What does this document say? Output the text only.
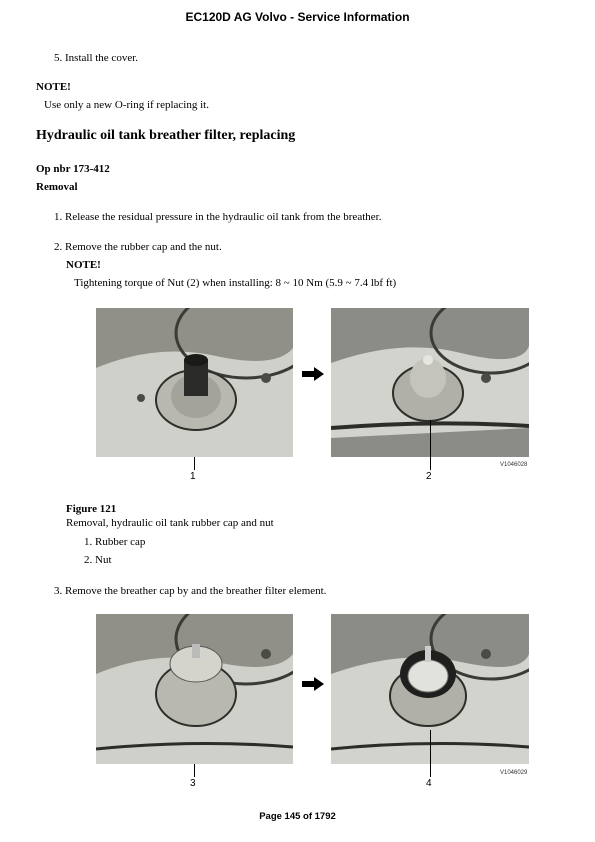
EC120D AG Volvo - Service Information
5. Install the cover.
NOTE!
Use only a new O-ring if replacing it.
Hydraulic oil tank breather filter, replacing
Op nbr 173-412
Removal
1. Release the residual pressure in the hydraulic oil tank from the breather.
2. Remove the rubber cap and the nut.
NOTE!
Tightening torque of Nut (2) when installing: 8 ~ 10 Nm (5.9 ~ 7.4 lbf ft)
1	2
V1046028
Figure 121
Removal, hydraulic oil tank rubber cap and nut
1. Rubber cap
2. Nut
3. Remove the breather cap by and the breather filter element.
3	4
V1046029
Page 145 of 1792
